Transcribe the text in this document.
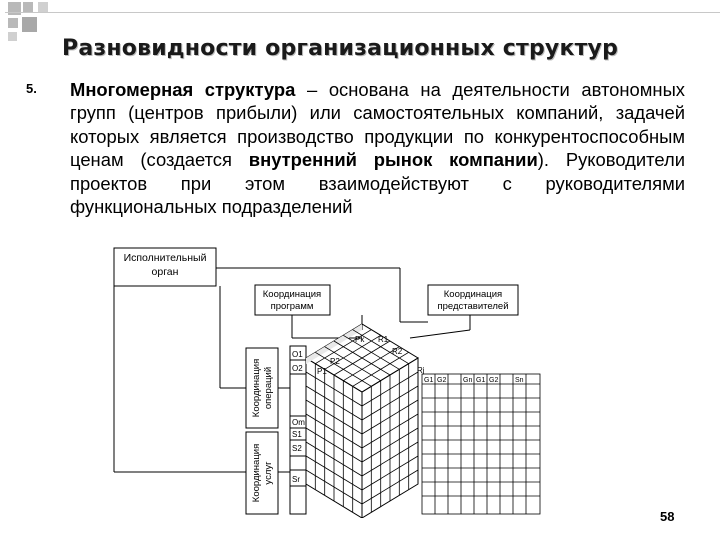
Разновидности организационных структур
5. Многомерная структура – основана на деятельности автономных групп (центров прибыли) или самостоятельных компаний, задачей которых является производство продукции по конкурентоспособным ценам (создается внутренний рынок компании). Руководители проектов при этом взаимодействуют с руководителями функциональных подразделений
Исполнительный
орган
Координация
программ
Координация
представителей
Координация операций
Координация услуг
Pk R1
P2
R2
P1	Rj
O1
O2
Om
S1
S2
Sr
G1 G2 Gn G1 G2 Sn
58
